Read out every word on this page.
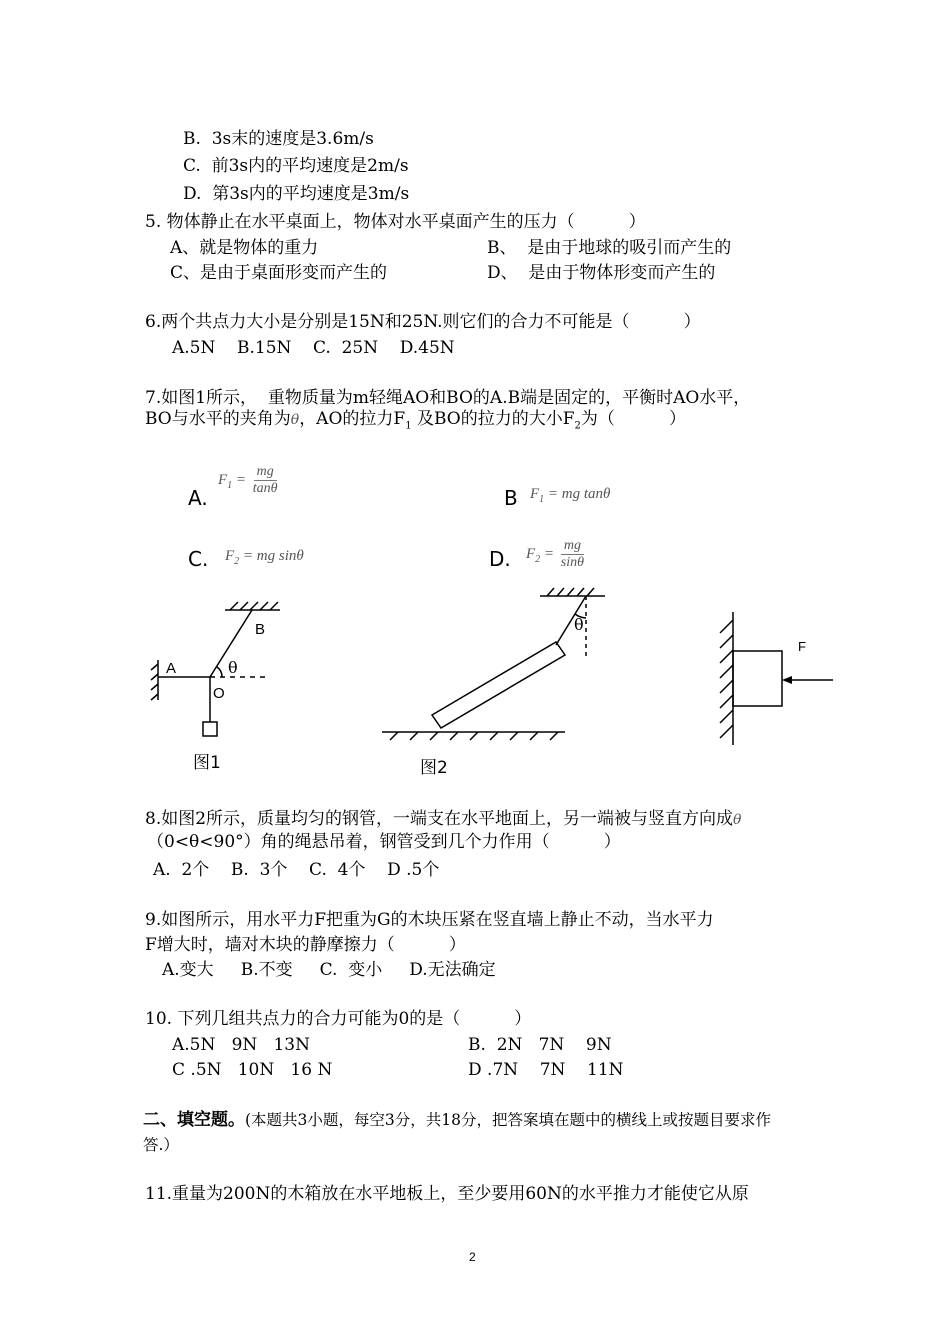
B.  3s末的速度是3.6m/s
C.  前3s内的平均速度是2m/s
D.  第3s内的平均速度是3m/s
5. 物体静止在水平桌面上，物体对水平桌面产生的压力（          ）
A、就是物体的重力	B、  是由于地球的吸引而产生的
C、是由于桌面形变而产生的	D、  是由于物体形变而产生的
6.两个共点力大小是分别是15N和25N.则它们的合力不可能是（          ）
A.5N    B.15N    C.  25N    D.45N
7.如图1所示，  重物质量为m轻绳AO和BO的A.B端是固定的，平衡时AO水平，
BO与水平的夹角为θ，AO的拉力$F_1$ 及BO的拉力的大小$F_2$为（          ）
A.
$F_1 = \frac{mg}{\tan\theta}$
B $F_1$ = mg tanθ
C. $F_2$ = mg sinθ	D. $F_2 = \frac{mg}{\sin\theta}$
A
B
O
θ
θ
F
图1	图2
8.如图2所示，质量均匀的钢管，一端支在水平地面上，另一端被与竖直方向成θ
（0<θ<90°）角的绳悬吊着，钢管受到几个力作用（          ）
A.  2个    B.  3个    C.  4个    D .5个
9.如图所示，用水平力F把重为G的木块压紧在竖直墙上静止不动，当水平力
F增大时，墙对木块的静摩擦力（          ）
A.变大     B.不变     C.  变小     D.无法确定
10. 下列几组共点力的合力可能为0的是（          ）
A.5N   9N   13N	B.  2N   7N    9N
C .5N   10N   16 N	D .7N    7N    11N
二、填空题。(本题共3小题，每空3分，共18分，把答案填在题中的横线上或按题目要求作
答.）
11.重量为200N的木箱放在水平地板上，至少要用60N的水平推力才能使它从原
2
